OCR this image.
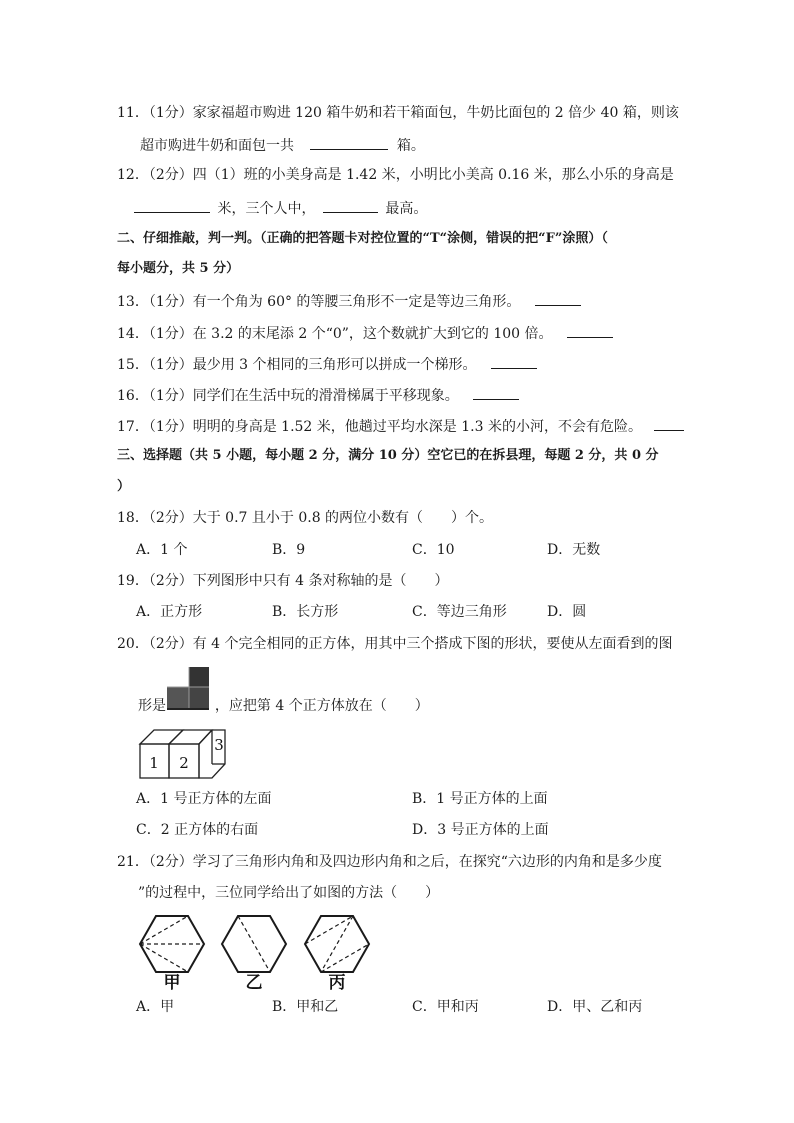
11．（1分）家家福超市购进 120 箱牛奶和若干箱面包，牛奶比面包的 2 倍少 40 箱，则该
超市购进牛奶和面包一共	箱。
12．（2分）四（1）班的小美身高是 1.42 米，小明比小美高 0.16 米，那么小乐的身高是
米，三个人中，	最高。
二、仔细推敲，判一判。（正确的把答题卡对控位置的“T“涂侧，错误的把“F”涂照）（
每小题分，共 5 分）
13．（1分）有一个角为 60° 的等腰三角形不一定是等边三角形。
14．（1分）在 3.2 的末尾添 2 个“0”，这个数就扩大到它的 100 倍。
15．（1分）最少用 3 个相同的三角形可以拼成一个梯形。
16．（1分）同学们在生活中玩的滑滑梯属于平移现象。
17．（1分）明明的身高是 1.52 米，他趟过平均水深是 1.3 米的小河，不会有危险。
三、选择题（共 5 小题，每小题 2 分，满分 10 分）空它已的在拆县理，每题 2 分，共 0 分
）
18．（2分）大于 0.7 且小于 0.8 的两位小数有（　　）个。
A．1 个	B．9	C．10	D．无数
19．（2分）下列图形中只有 4 条对称轴的是（　　）
A．正方形	B．长方形	C．等边三角形	D．圆
20．（2分）有 4 个完全相同的正方体，用其中三个搭成下图的形状，要使从左面看到的图
形是	，应把第 4 个正方体放在（　　）
1 2
3
A．1 号正方体的左面	B．1 号正方体的上面
C．2 正方体的右面	D．3 号正方体的上面
21．（2分）学习了三角形内角和及四边形内角和之后，在探究“六边形的内角和是多少度
”的过程中，三位同学给出了如图的方法（　　）
甲	乙	丙
A．甲	B．甲和乙	C．甲和丙	D．甲、乙和丙
